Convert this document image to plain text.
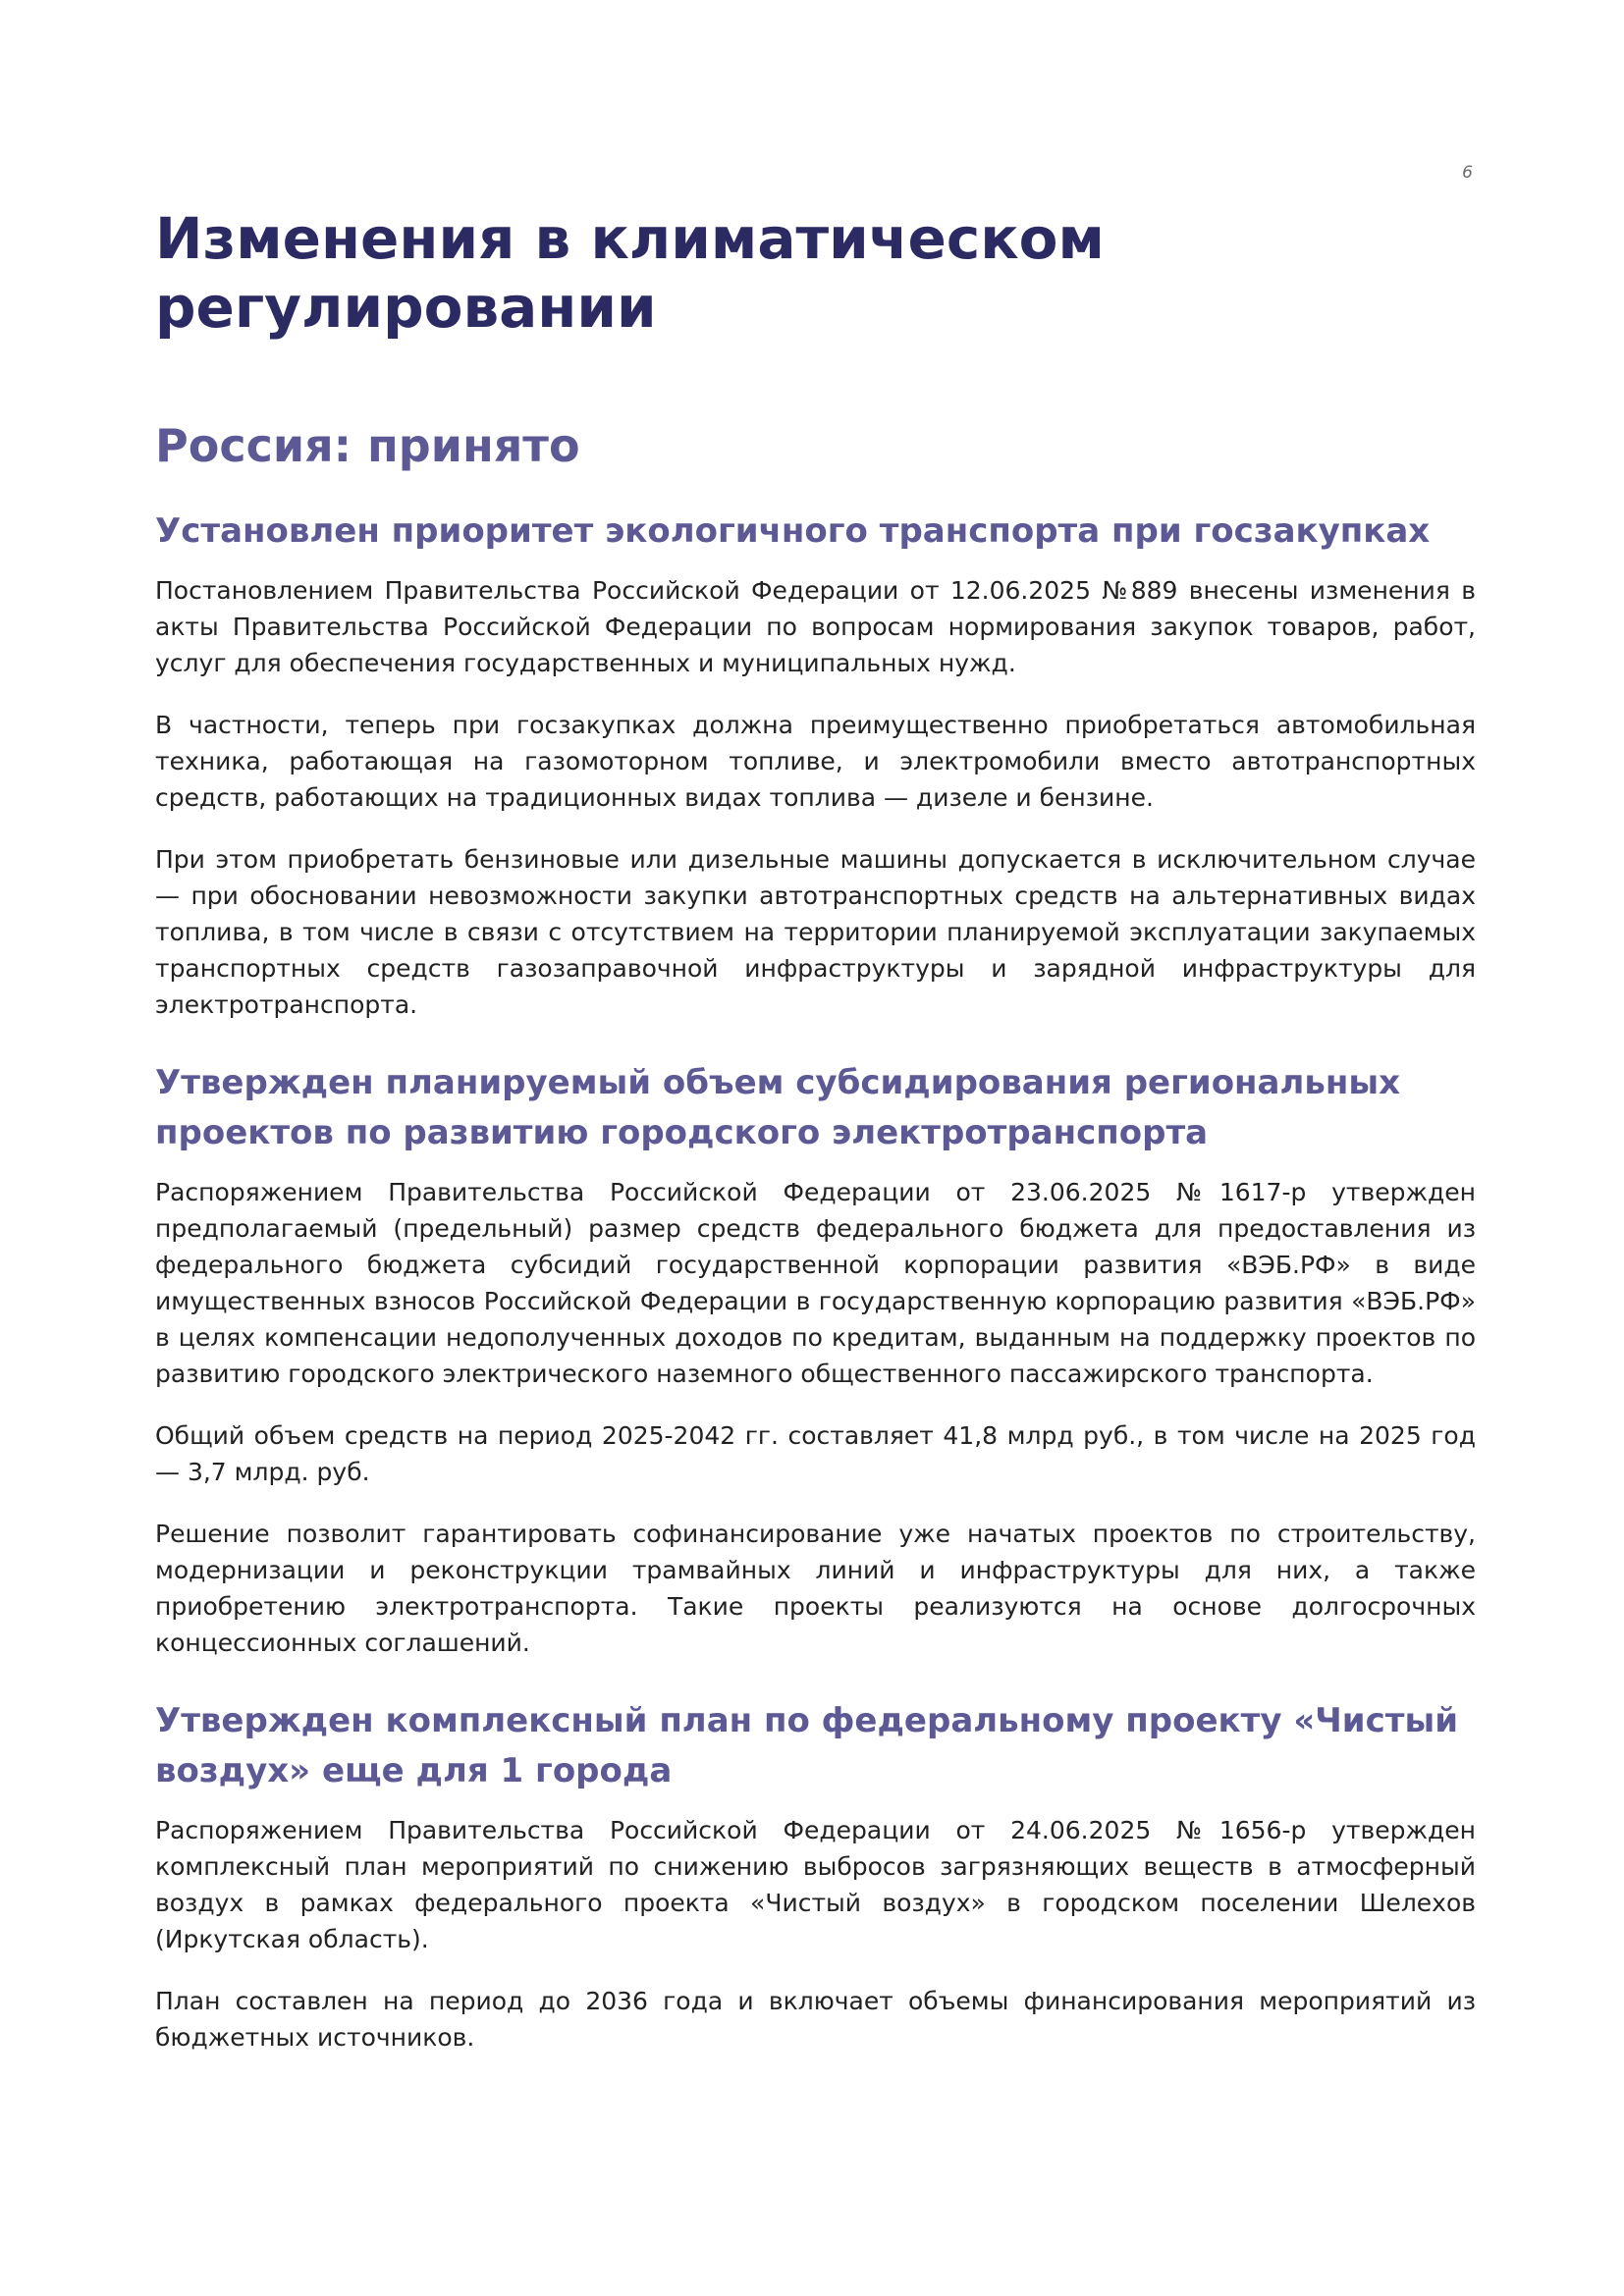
6
Изменения в климатическом регулировании
Россия: принято
Установлен приоритет экологичного транспорта при госзакупках

Постановлением Правительства Российской Федерации от 12.06.2025 №889 внесены изменения в акты Правительства Российской Федерации по вопросам нормирования закупок товаров, работ, услуг для обеспечения государственных и муниципальных нужд.

В частности, теперь при госзакупках должна преимущественно приобретаться автомобильная техника, работающая на газомоторном топливе, и электромобили вместо автотранспортных средств, работающих на традиционных видах топлива — дизеле и бензине.

При этом приобретать бензиновые или дизельные машины допускается в исключительном случае — при обосновании невозможности закупки автотранспортных средств на альтернативных видах топлива, в том числе в связи с отсутствием на территории планируемой эксплуатации закупаемых транспортных средств газозаправочной инфраструктуры и зарядной инфраструктуры для электротранспорта.

Утвержден планируемый объем субсидирования региональных проектов по развитию городского электротранспорта

Распоряжением Правительства Российской Федерации от 23.06.2025 №1617-р утвержден предполагаемый (предельный) размер средств федерального бюджета для предоставления из федерального бюджета субсидий государственной корпорации развития «ВЭБ.РФ» в виде имущественных взносов Российской Федерации в государственную корпорацию развития «ВЭБ.РФ» в целях компенсации недополученных доходов по кредитам, выданным на поддержку проектов по развитию городского электрического наземного общественного пассажирского транспорта.

Общий объем средств на период 2025-2042 гг. составляет 41,8 млрд руб., в том числе на 2025 год — 3,7 млрд. руб.

Решение позволит гарантировать софинансирование уже начатых проектов по строительству, модернизации и реконструкции трамвайных линий и инфраструктуры для них, а также приобретению электротранспорта. Такие проекты реализуются на основе долгосрочных концессионных соглашений.

Утвержден комплексный план по федеральному проекту «Чистый воздух» еще для 1 города

Распоряжением Правительства Российской Федерации от 24.06.2025 №1656-р утвержден комплексный план мероприятий по снижению выбросов загрязняющих веществ в атмосферный воздух в рамках федерального проекта «Чистый воздух» в городском поселении Шелехов (Иркутская область).

План составлен на период до 2036 года и включает объемы финансирования мероприятий из бюджетных источников.
